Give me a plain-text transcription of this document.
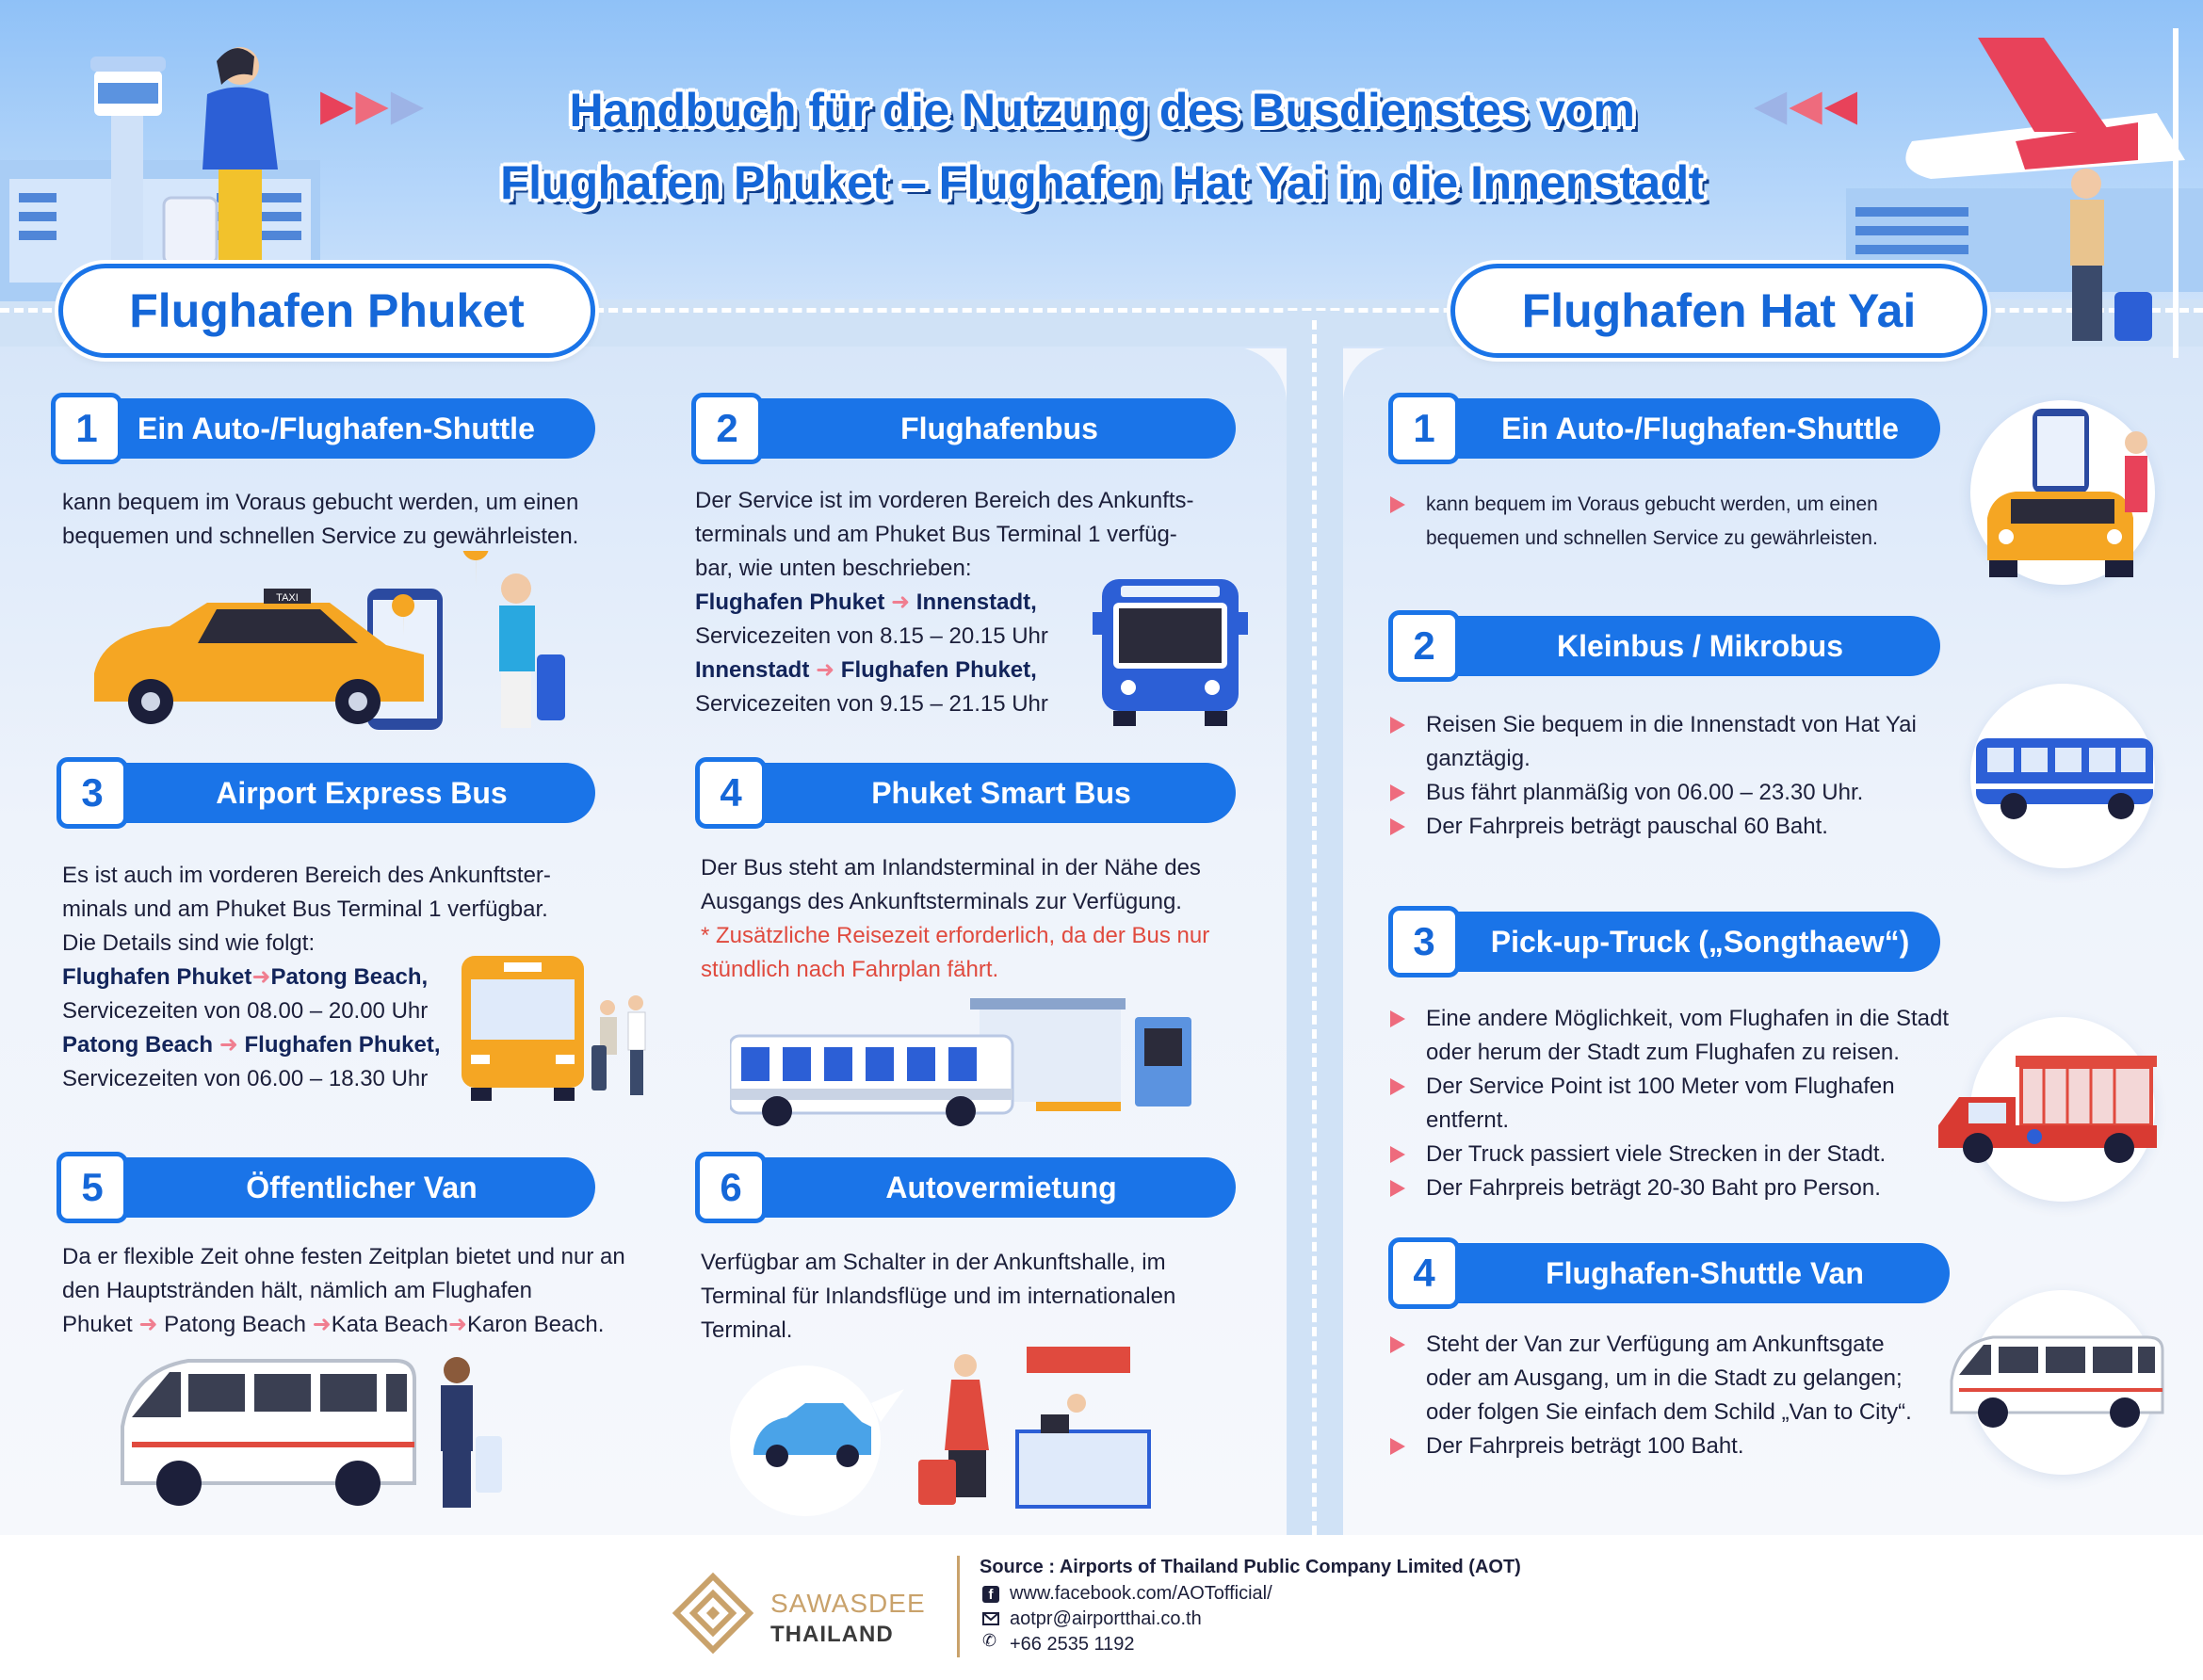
▶▶▶	◀◀◀
Handbuch für die Nutzung des Busdienstes vom
Flughafen Phuket – Flughafen Hat Yai in die Innenstadt
Flughafen Phuket	Flughafen Hat Yai
1	Ein Auto-/Flughafen-Shuttle
kann bequem im Voraus gebucht werden, um einen
bequemen und schnellen Service zu gewährleisten.
TAXI
2	Flughafenbus
Der Service ist im vorderen Bereich des Ankunfts-
terminals und am Phuket Bus Terminal 1 verfüg-
bar, wie unten beschrieben:
Flughafen Phuket ➜ Innenstadt,
Servicezeiten von 8.15 – 20.15 Uhr
Innenstadt ➜ Flughafen Phuket,
Servicezeiten von 9.15 – 21.15 Uhr
3	Airport Express Bus
Es ist auch im vorderen Bereich des Ankunftster-
minals und am Phuket Bus Terminal 1 verfügbar.
Die Details sind wie folgt:
Flughafen Phuket➜Patong Beach,
Servicezeiten von 08.00 – 20.00 Uhr
Patong Beach ➜ Flughafen Phuket,
Servicezeiten von 06.00 – 18.30 Uhr
4	Phuket Smart Bus
Der Bus steht am Inlandsterminal in der Nähe des
Ausgangs des Ankunftsterminals zur Verfügung.
* Zusätzliche Reisezeit erforderlich, da der Bus nur
stündlich nach Fahrplan fährt.
5	Öffentlicher Van
Da er flexible Zeit ohne festen Zeitplan bietet und nur an
den Hauptstränden hält, nämlich am Flughafen
Phuket ➜ Patong Beach ➜Kata Beach➜Karon Beach.
6	Autovermietung
Verfügbar am Schalter in der Ankunftshalle, im
Terminal für Inlandsflüge und im internationalen
Terminal.
1	Ein Auto-/Flughafen-Shuttle
kann bequem im Voraus gebucht werden, um einen
bequemen und schnellen Service zu gewährleisten.
2	Kleinbus / Mikrobus
Reisen Sie bequem in die Innenstadt von Hat Yai
ganztägig.
Bus fährt planmäßig von 06.00 – 23.30 Uhr.
Der Fahrpreis beträgt pauschal 60 Baht.
3	Pick-up-Truck („Songthaew“)
Eine andere Möglichkeit, vom Flughafen in die Stadt
oder herum der Stadt zum Flughafen zu reisen.
Der Service Point ist 100 Meter vom Flughafen
entfernt.
Der Truck passiert viele Strecken in der Stadt.
Der Fahrpreis beträgt 20-30 Baht pro Person.
4	Flughafen-Shuttle Van
Steht der Van zur Verfügung am Ankunftsgate
oder am Ausgang, um in die Stadt zu gelangen;
oder folgen Sie einfach dem Schild „Van to City“.
Der Fahrpreis beträgt 100 Baht.
SAWASDEE
THAILAND
Source : Airports of Thailand Public Company Limited (AOT)
f www.facebook.com/AOTofficial/
aotpr@airportthai.co.th
✆ +66 2535 1192
